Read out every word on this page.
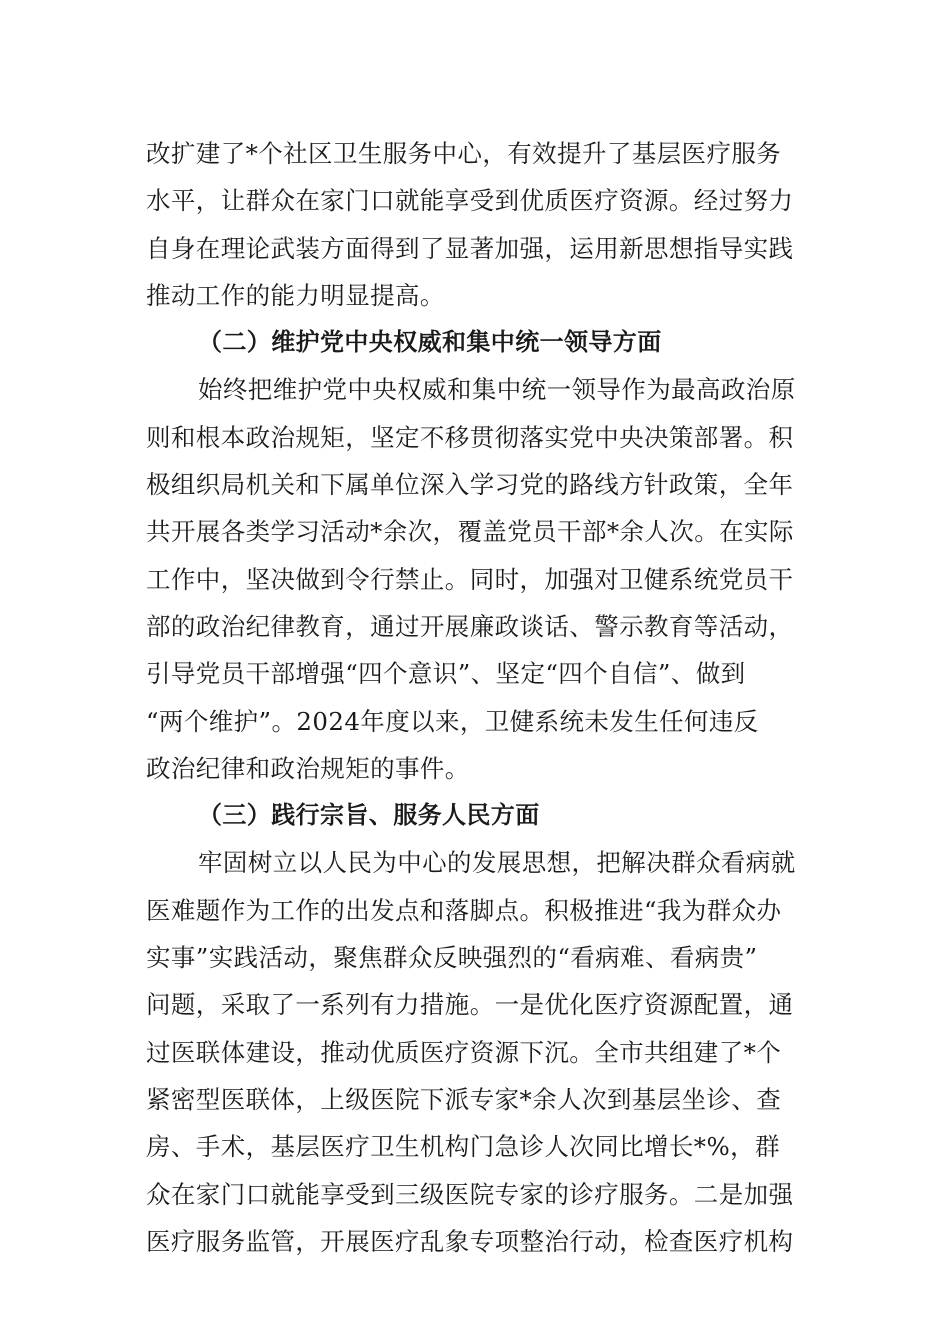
改扩建了*个社区卫生服务中心，有效提升了基层医疗服务
水平，让群众在家门口就能享受到优质医疗资源。经过努力
自身在理论武装方面得到了显著加强，运用新思想指导实践
推动工作的能力明显提高。
（二）维护党中央权威和集中统一领导方面
始终把维护党中央权威和集中统一领导作为最高政治原
则和根本政治规矩，坚定不移贯彻落实党中央决策部署。积
极组织局机关和下属单位深入学习党的路线方针政策，全年
共开展各类学习活动*余次，覆盖党员干部*余人次。在实际
工作中，坚决做到令行禁止。同时，加强对卫健系统党员干
部的政治纪律教育，通过开展廉政谈话、警示教育等活动，
引导党员干部增强“四个意识”、坚定“四个自信”、做到
“两个维护”。2024年度以来，卫健系统未发生任何违反
政治纪律和政治规矩的事件。
（三）践行宗旨、服务人民方面
牢固树立以人民为中心的发展思想，把解决群众看病就
医难题作为工作的出发点和落脚点。积极推进“我为群众办
实事”实践活动，聚焦群众反映强烈的“看病难、看病贵”
问题，采取了一系列有力措施。一是优化医疗资源配置，通
过医联体建设，推动优质医疗资源下沉。全市共组建了*个
紧密型医联体，上级医院下派专家*余人次到基层坐诊、查
房、手术，基层医疗卫生机构门急诊人次同比增长*%，群
众在家门口就能享受到三级医院专家的诊疗服务。二是加强
医疗服务监管，开展医疗乱象专项整治行动，检查医疗机构
